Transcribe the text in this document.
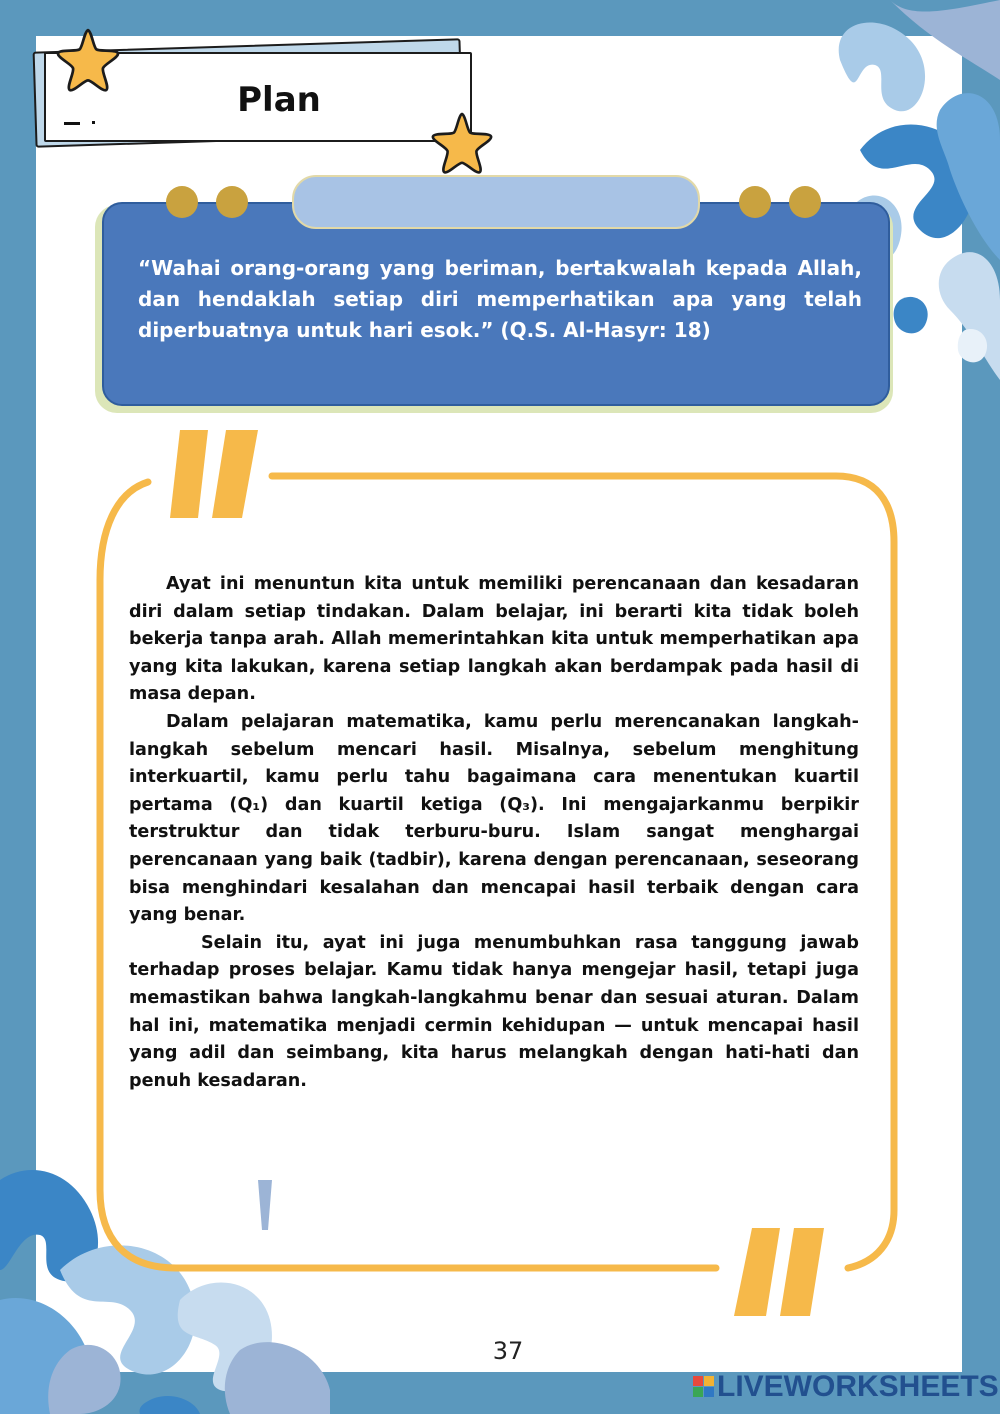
Plan
“Wahai orang-orang yang beriman, bertakwalah kepada Allah, dan hendaklah setiap diri memperhatikan apa yang telah diperbuatnya untuk hari esok.” (Q.S. Al-Hasyr: 18)

Ayat ini menuntun kita untuk memiliki perencanaan dan kesadaran diri dalam setiap tindakan. Dalam belajar, ini berarti kita tidak boleh bekerja tanpa arah. Allah memerintahkan kita untuk memperhatikan apa yang kita lakukan, karena setiap langkah akan berdampak pada hasil di masa depan.

Dalam pelajaran matematika, kamu perlu merencanakan langkah-langkah sebelum mencari hasil. Misalnya, sebelum menghitung interkuartil, kamu perlu tahu bagaimana cara menentukan kuartil pertama (Q₁) dan kuartil ketiga (Q₃). Ini mengajarkanmu berpikir terstruktur dan tidak terburu-buru. Islam sangat menghargai perencanaan yang baik (tadbir), karena dengan perencanaan, seseorang bisa menghindari kesalahan dan mencapai hasil terbaik dengan cara yang benar.

Selain itu, ayat ini juga menumbuhkan rasa tanggung jawab terhadap proses belajar. Kamu tidak hanya mengejar hasil, tetapi juga memastikan bahwa langkah-langkahmu benar dan sesuai aturan. Dalam hal ini, matematika menjadi cermin kehidupan — untuk mencapai hasil yang adil dan seimbang, kita harus melangkah dengan hati-hati dan penuh kesadaran.

37
LIVEWORKSHEETS
